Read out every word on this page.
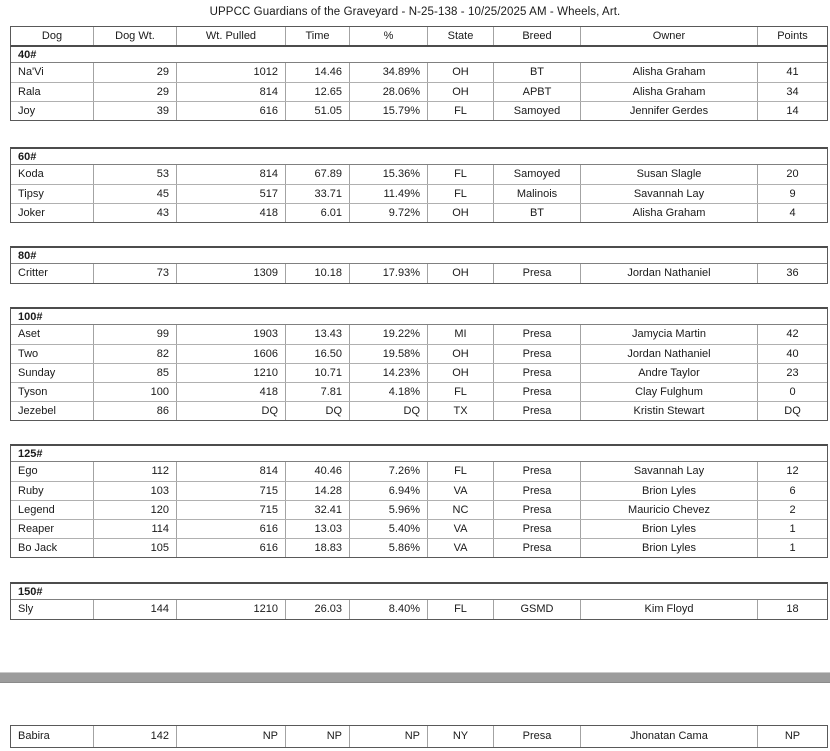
UPPCC Guardians of the Graveyard - N-25-138 - 10/25/2025 AM - Wheels, Art.
Dog	Dog Wt.	Wt. Pulled	Time	%	State	Breed	Owner	Points
40#
Na'Vi	29	1012	14.46	34.89%	OH	BT	Alisha Graham	41
Rala	29	814	12.65	28.06%	OH	APBT	Alisha Graham	34
Joy	39	616	51.05	15.79%	FL	Samoyed	Jennifer Gerdes	14
60#
Koda	53	814	67.89	15.36%	FL	Samoyed	Susan Slagle	20
Tipsy	45	517	33.71	11.49%	FL	Malinois	Savannah Lay	9
Joker	43	418	6.01	9.72%	OH	BT	Alisha Graham	4
80#
Critter	73	1309	10.18	17.93%	OH	Presa	Jordan Nathaniel	36
100#
Aset	99	1903	13.43	19.22%	MI	Presa	Jamycia Martin	42
Two	82	1606	16.50	19.58%	OH	Presa	Jordan Nathaniel	40
Sunday	85	1210	10.71	14.23%	OH	Presa	Andre Taylor	23
Tyson	100	418	7.81	4.18%	FL	Presa	Clay Fulghum	0
Jezebel	86	DQ	DQ	DQ	TX	Presa	Kristin Stewart	DQ
125#
Ego	112	814	40.46	7.26%	FL	Presa	Savannah Lay	12
Ruby	103	715	14.28	6.94%	VA	Presa	Brion Lyles	6
Legend	120	715	32.41	5.96%	NC	Presa	Mauricio Chevez	2
Reaper	114	616	13.03	5.40%	VA	Presa	Brion Lyles	1
Bo Jack	105	616	18.83	5.86%	VA	Presa	Brion Lyles	1
150#
Sly	144	1210	26.03	8.40%	FL	GSMD	Kim Floyd	18
Babira	142	NP	NP	NP	NY	Presa	Jhonatan Cama	NP
